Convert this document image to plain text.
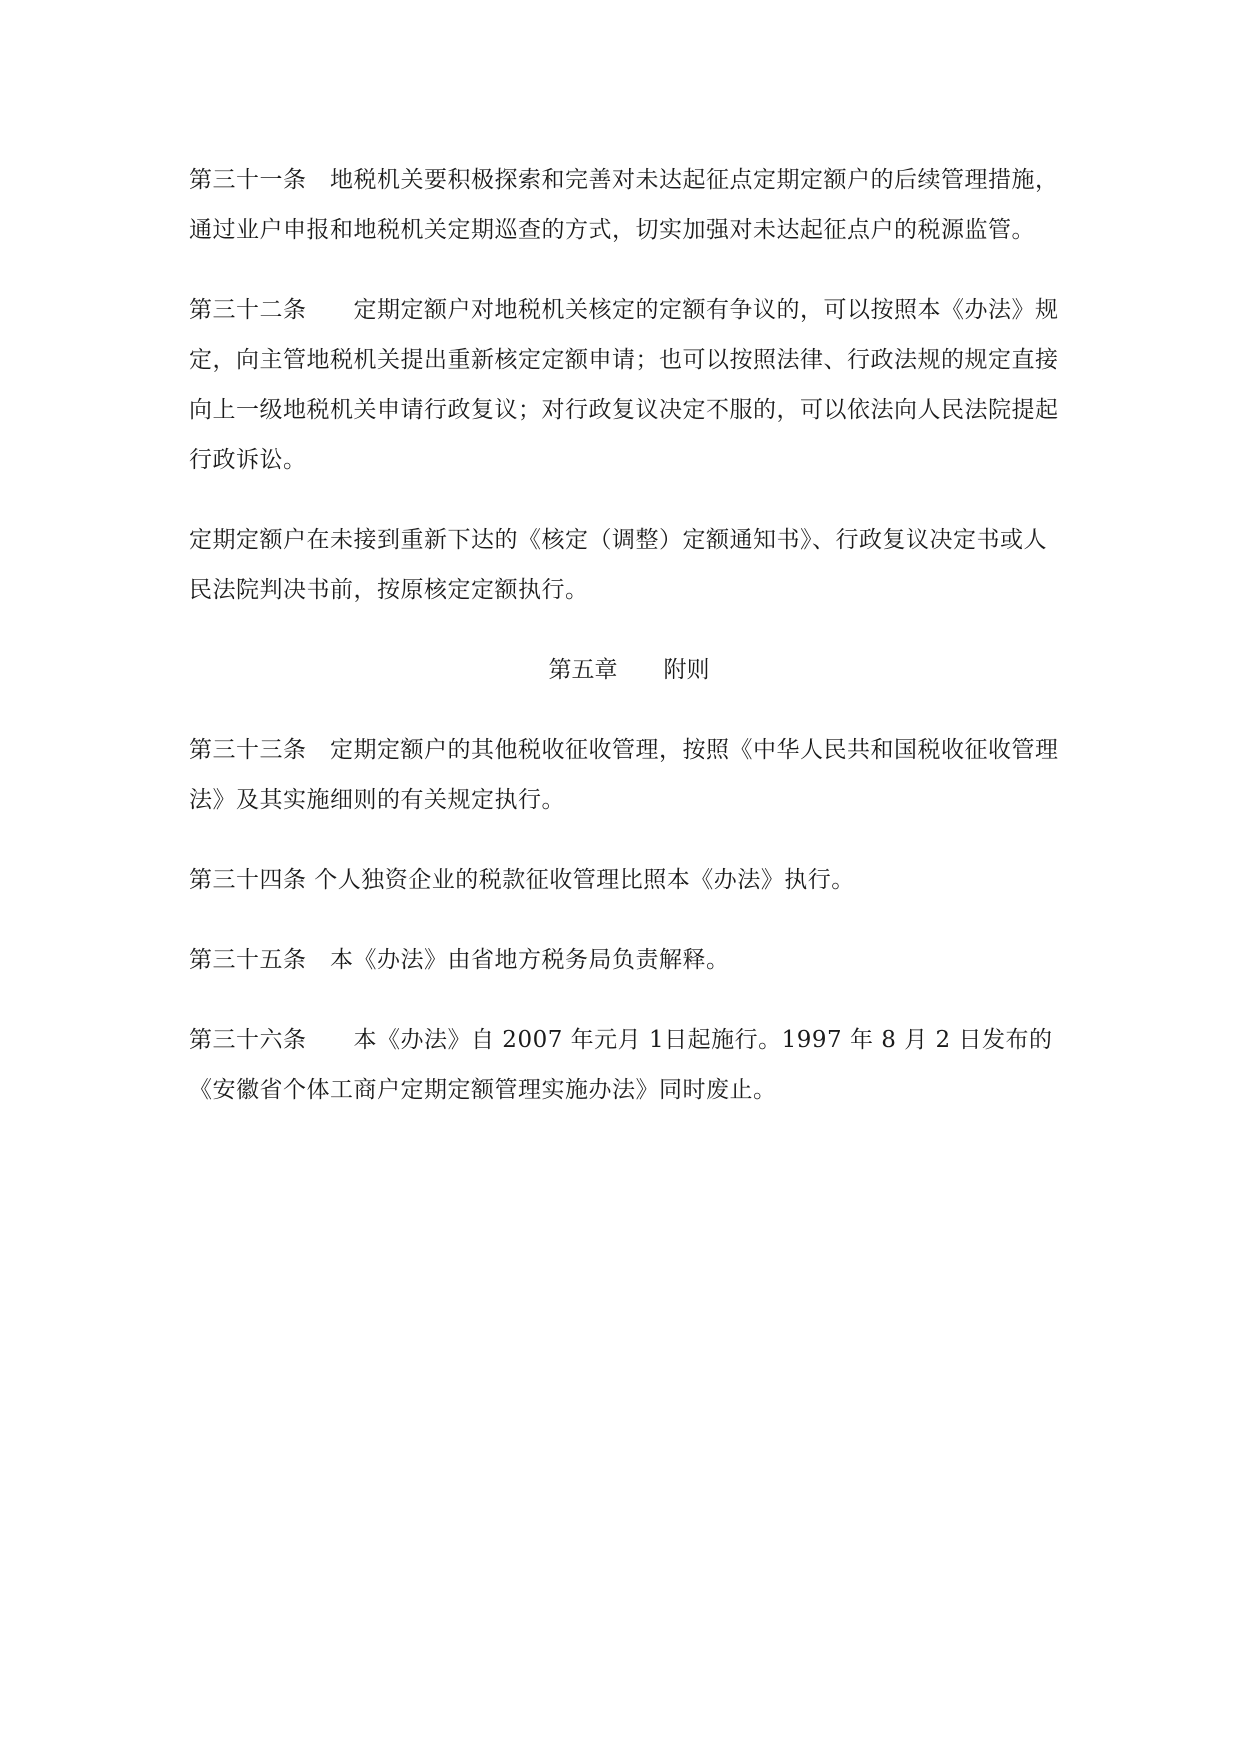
第三十一条　地税机关要积极探索和完善对未达起征点定期定额户的后续管理措施，通过业户申报和地税机关定期巡查的方式，切实加强对未达起征点户的税源监管。

第三十二条　　定期定额户对地税机关核定的定额有争议的，可以按照本《办法》规定，向主管地税机关提出重新核定定额申请；也可以按照法律、行政法规的规定直接向上一级地税机关申请行政复议；对行政复议决定不服的，可以依法向人民法院提起行政诉讼。

定期定额户在未接到重新下达的《核定（调整）定额通知书》、行政复议决定书或人民法院判决书前，按原核定定额执行。

第五章　　附则

第三十三条　定期定额户的其他税收征收管理，按照《中华人民共和国税收征收管理法》及其实施细则的有关规定执行。

第三十四条 个人独资企业的税款征收管理比照本《办法》执行。

第三十五条　本《办法》由省地方税务局负责解释。

第三十六条　　本《办法》自 2007 年元月 1日起施行。1997 年 8 月 2 日发布的《安徽省个体工商户定期定额管理实施办法》同时废止。
